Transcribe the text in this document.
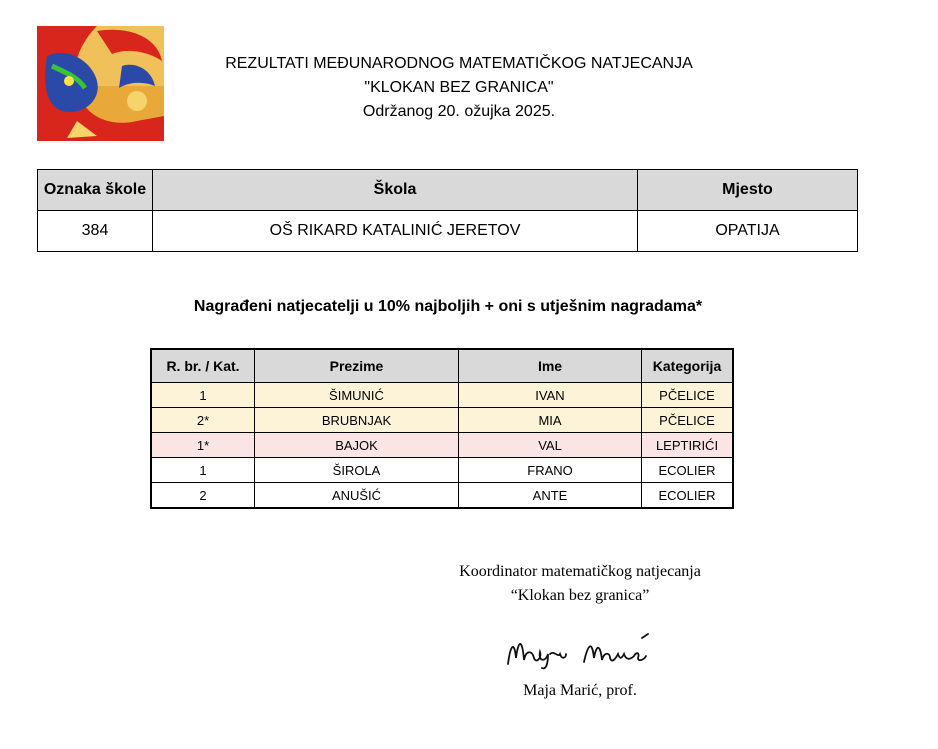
REZULTATI MEĐUNARODNOG MATEMATIČKOG NATJECANJA
"KLOKAN BEZ GRANICA"
Održanog 20. ožujka 2025.
Oznaka škole	Škola	Mjesto
384	OŠ RIKARD KATALINIĆ JERETOV	OPATIJA
Nagrađeni natjecatelji u 10% najboljih + oni s utješnim nagradama*
R. br. / Kat.	Prezime	Ime	Kategorija
1	ŠIMUNIĆ	IVAN	PČELICE
2*	BRUBNJAK	MIA	PČELICE
1*	BAJOK	VAL	LEPTIRIĆI
1	ŠIROLA	FRANO	ECOLIER
2	ANUŠIĆ	ANTE	ECOLIER
Koordinator matematičkog natjecanja
“Klokan bez granica”
Maja Marić, prof.
